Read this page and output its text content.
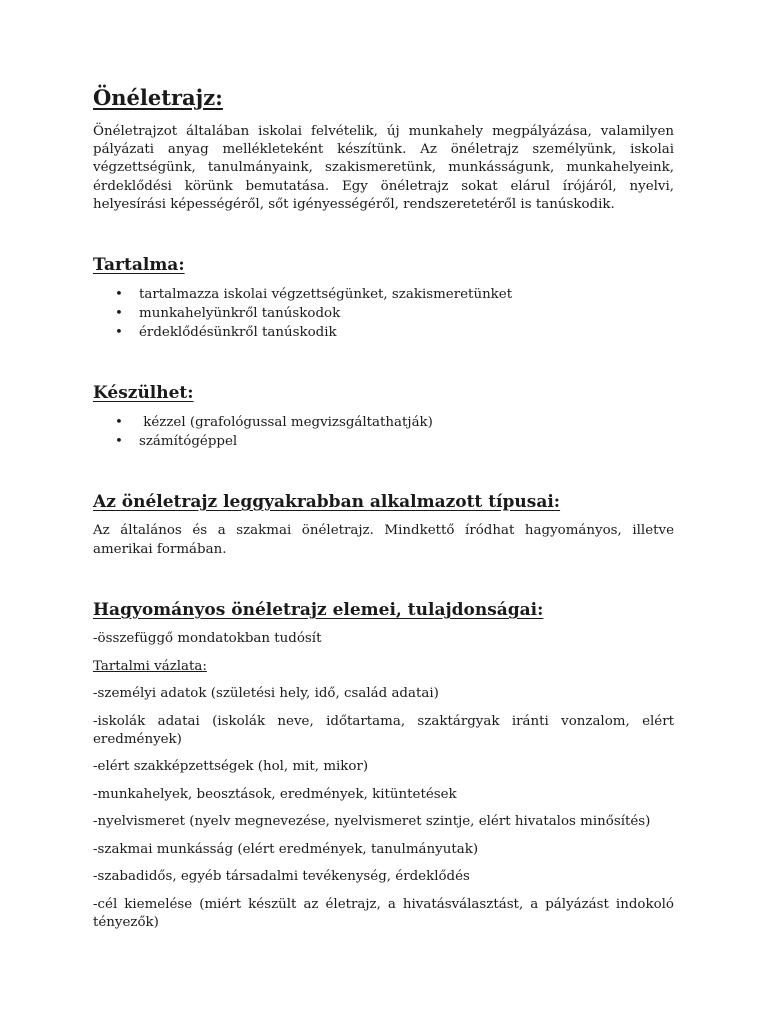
Önéletrajz:

Önéletrajzot általában iskolai felvételik, új munkahely megpályázása, valamilyen pályázati anyag mellékleteként készítünk. Az önéletrajz személyünk, iskolai végzettségünk, tanulmányaink, szakismeretünk, munkásságunk, munkahelyeink, érdeklődési körünk bemutatása. Egy önéletrajz sokat elárul írójáról, nyelvi, helyesírási képességéről, sőt igényességéről, rendszeretetéről is tanúskodik.

Tartalma:
• tartalmazza iskolai végzettségünket, szakismeretünket
• munkahelyünkről tanúskodok
• érdeklődésünkről tanúskodik
Készülhet:
• kézzel (grafológussal megvizsgáltathatják)
• számítógéppel
Az önéletrajz leggyakrabban alkalmazott típusai:

Az általános és a szakmai önéletrajz. Mindkettő íródhat hagyományos, illetve amerikai formában.

Hagyományos önéletrajz elemei, tulajdonságai:

-összefüggő mondatokban tudósít

Tartalmi vázlata:

-személyi adatok (születési hely, idő, család adatai)

-iskolák adatai (iskolák neve, időtartama, szaktárgyak iránti vonzalom, elért eredmények)

-elért szakképzettségek (hol, mit, mikor)

-munkahelyek, beosztások, eredmények, kitüntetések

-nyelvismeret (nyelv megnevezése, nyelvismeret szintje, elért hivatalos minősítés)

-szakmai munkásság (elért eredmények, tanulmányutak)

-szabadidős, egyéb társadalmi tevékenység, érdeklődés

-cél kiemelése (miért készült az életrajz, a hivatásválasztást, a pályázást indokoló tényezők)
